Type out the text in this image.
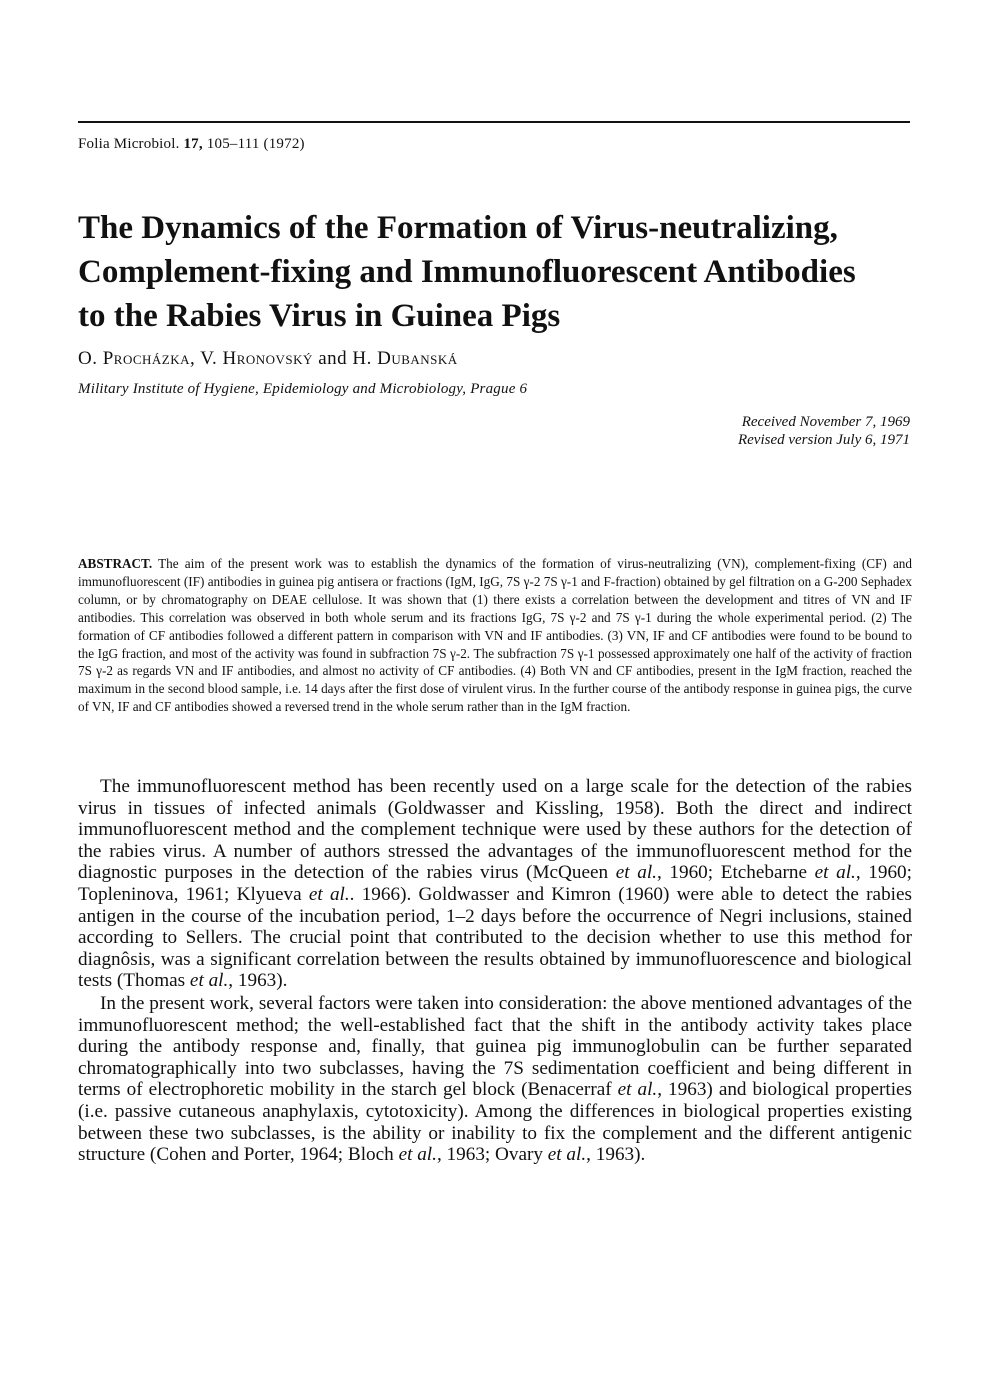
Folia Microbiol. 17, 105–111 (1972)
The Dynamics of the Formation of Virus-neutralizing,
Complement-fixing and Immunofluorescent Antibodies
to the Rabies Virus in Guinea Pigs
O. Procházka, V. Hronovský and H. Dubanská
Military Institute of Hygiene, Epidemiology and Microbiology, Prague 6
Received November 7, 1969
Revised version July 6, 1971

ABSTRACT. The aim of the present work was to establish the dynamics of the formation of virus-neutralizing (VN), complement-fixing (CF) and immunofluorescent (IF) antibodies in guinea pig antisera or fractions (IgM, IgG, 7S γ-2 7S γ-1 and F-fraction) obtained by gel filtration on a G-200 Sephadex column, or by chromatography on DEAE cellulose. It was shown that (1) there exists a correlation between the development and titres of VN and IF antibodies. This correlation was observed in both whole serum and its fractions IgG, 7S γ-2 and 7S γ-1 during the whole experimental period. (2) The formation of CF antibodies followed a different pattern in comparison with VN and IF antibodies. (3) VN, IF and CF antibodies were found to be bound to the IgG fraction, and most of the activity was found in subfraction 7S γ-2. The subfraction 7S γ-1 possessed approximately one half of the activity of fraction 7S γ-2 as regards VN and IF antibodies, and almost no activity of CF antibodies. (4) Both VN and CF antibodies, present in the IgM fraction, reached the maximum in the second blood sample, i.e. 14 days after the first dose of virulent virus. In the further course of the antibody response in guinea pigs, the curve of VN, IF and CF antibodies showed a reversed trend in the whole serum rather than in the IgM fraction.

The immunofluorescent method has been recently used on a large scale for the detection of the rabies virus in tissues of infected animals (Goldwasser and Kissling, 1958). Both the direct and indirect immunofluorescent method and the complement technique were used by these authors for the detection of the rabies virus. A number of authors stressed the advantages of the immunofluorescent method for the diagnostic purposes in the detection of the rabies virus (McQueen et al., 1960; Etchebarne et al., 1960; Topleninova, 1961; Klyueva et al.. 1966). Goldwasser and Kimron (1960) were able to detect the rabies antigen in the course of the incubation period, 1–2 days before the occurrence of Negri inclusions, stained according to Sellers. The crucial point that contributed to the decision whether to use this method for diagnôsis, was a significant correlation between the results obtained by immunofluorescence and biological tests (Thomas et al., 1963).

In the present work, several factors were taken into consideration: the above mentioned advantages of the immunofluorescent method; the well-established fact that the shift in the antibody activity takes place during the antibody response and, finally, that guinea pig immunoglobulin can be further separated chromatographically into two subclasses, having the 7S sedimentation coefficient and being different in terms of electrophoretic mobility in the starch gel block (Benacerraf et al., 1963) and biological properties (i.e. passive cutaneous anaphylaxis, cytotoxicity). Among the differences in biological properties existing between these two subclasses, is the ability or inability to fix the complement and the different antigenic structure (Cohen and Porter, 1964; Bloch et al., 1963; Ovary et al., 1963).
